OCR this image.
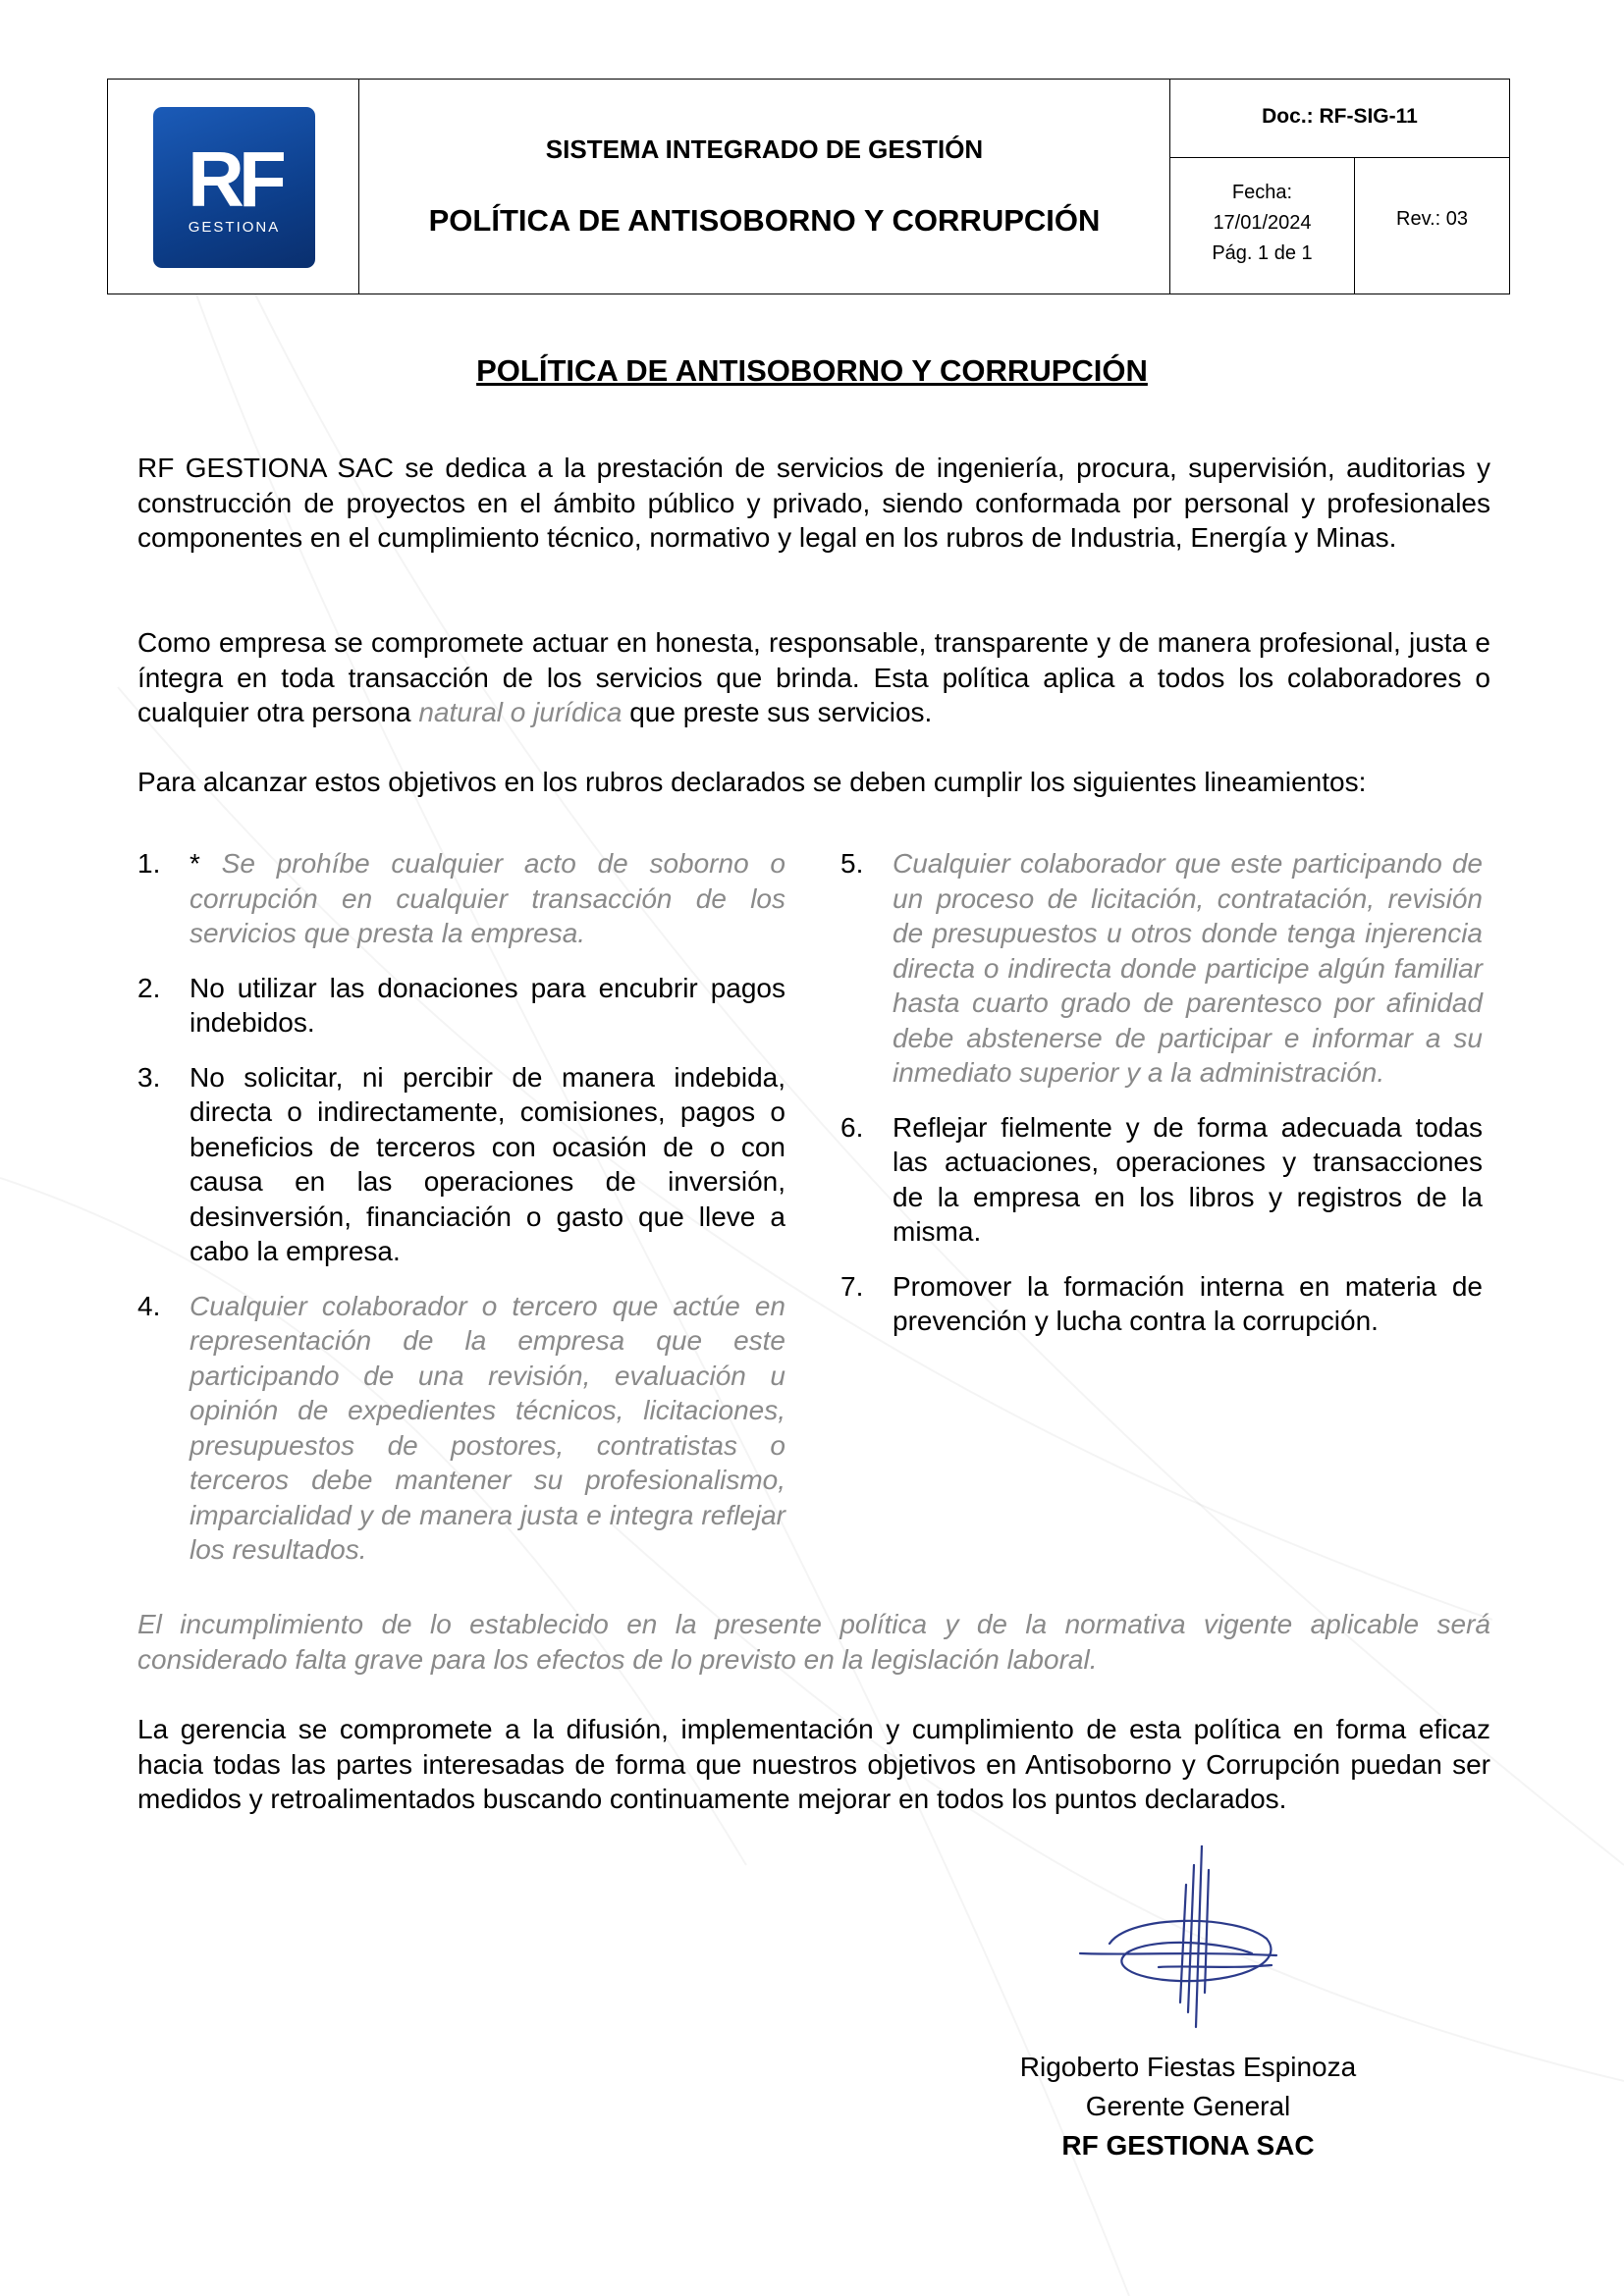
RF
GESTIONA
SISTEMA INTEGRADO DE GESTIÓN
POLÍTICA DE ANTISOBORNO Y CORRUPCIÓN
Doc.: RF-SIG-11
Fecha:
17/01/2024
Pág. 1 de 1
Rev.: 03
POLÍTICA DE ANTISOBORNO Y CORRUPCIÓN

RF GESTIONA SAC se dedica a la prestación de servicios de ingeniería, procura, supervisión, auditorias y construcción de proyectos en el ámbito público y privado, siendo conformada por personal y profesionales componentes en el cumplimiento técnico, normativo y legal en los rubros de Industria, Energía y Minas.

Como empresa se compromete actuar en honesta, responsable, transparente y de manera profesional, justa e íntegra en toda transacción de los servicios que brinda. Esta política aplica a todos los colaboradores o cualquier otra persona natural o jurídica que preste sus servicios.

Para alcanzar estos objetivos en los rubros declarados se deben cumplir los siguientes lineamientos:

1. * Se prohíbe cualquier acto de soborno o corrupción en cualquier transacción de los servicios que presta la empresa.
2. No utilizar las donaciones para encubrir pagos indebidos.
3. No solicitar, ni percibir de manera indebida, directa o indirectamente, comisiones, pagos o beneficios de terceros con ocasión de o con causa en las operaciones de inversión, desinversión, financiación o gasto que lleve a cabo la empresa.
4. Cualquier colaborador o tercero que actúe en representación de la empresa que este participando de una revisión, evaluación u opinión de expedientes técnicos, licitaciones, presupuestos de postores, contratistas o terceros debe mantener su profesionalismo, imparcialidad y de manera justa e integra reflejar los resultados.
5. Cualquier colaborador que este participando de un proceso de licitación, contratación, revisión de presupuestos u otros donde tenga injerencia directa o indirecta donde participe algún familiar hasta cuarto grado de parentesco por afinidad debe abstenerse de participar e informar a su inmediato superior y a la administración.
6. Reflejar fielmente y de forma adecuada todas las actuaciones, operaciones y transacciones de la empresa en los libros y registros de la misma.
7. Promover la formación interna en materia de prevención y lucha contra la corrupción.

El incumplimiento de lo establecido en la presente política y de la normativa vigente aplicable será considerado falta grave para los efectos de lo previsto en la legislación laboral.

La gerencia se compromete a la difusión, implementación y cumplimiento de esta política en forma eficaz hacia todas las partes interesadas de forma que nuestros objetivos en Antisoborno y Corrupción puedan ser medidos y retroalimentados buscando continuamente mejorar en todos los puntos declarados.

Rigoberto Fiestas Espinoza
Gerente General
RF GESTIONA SAC
